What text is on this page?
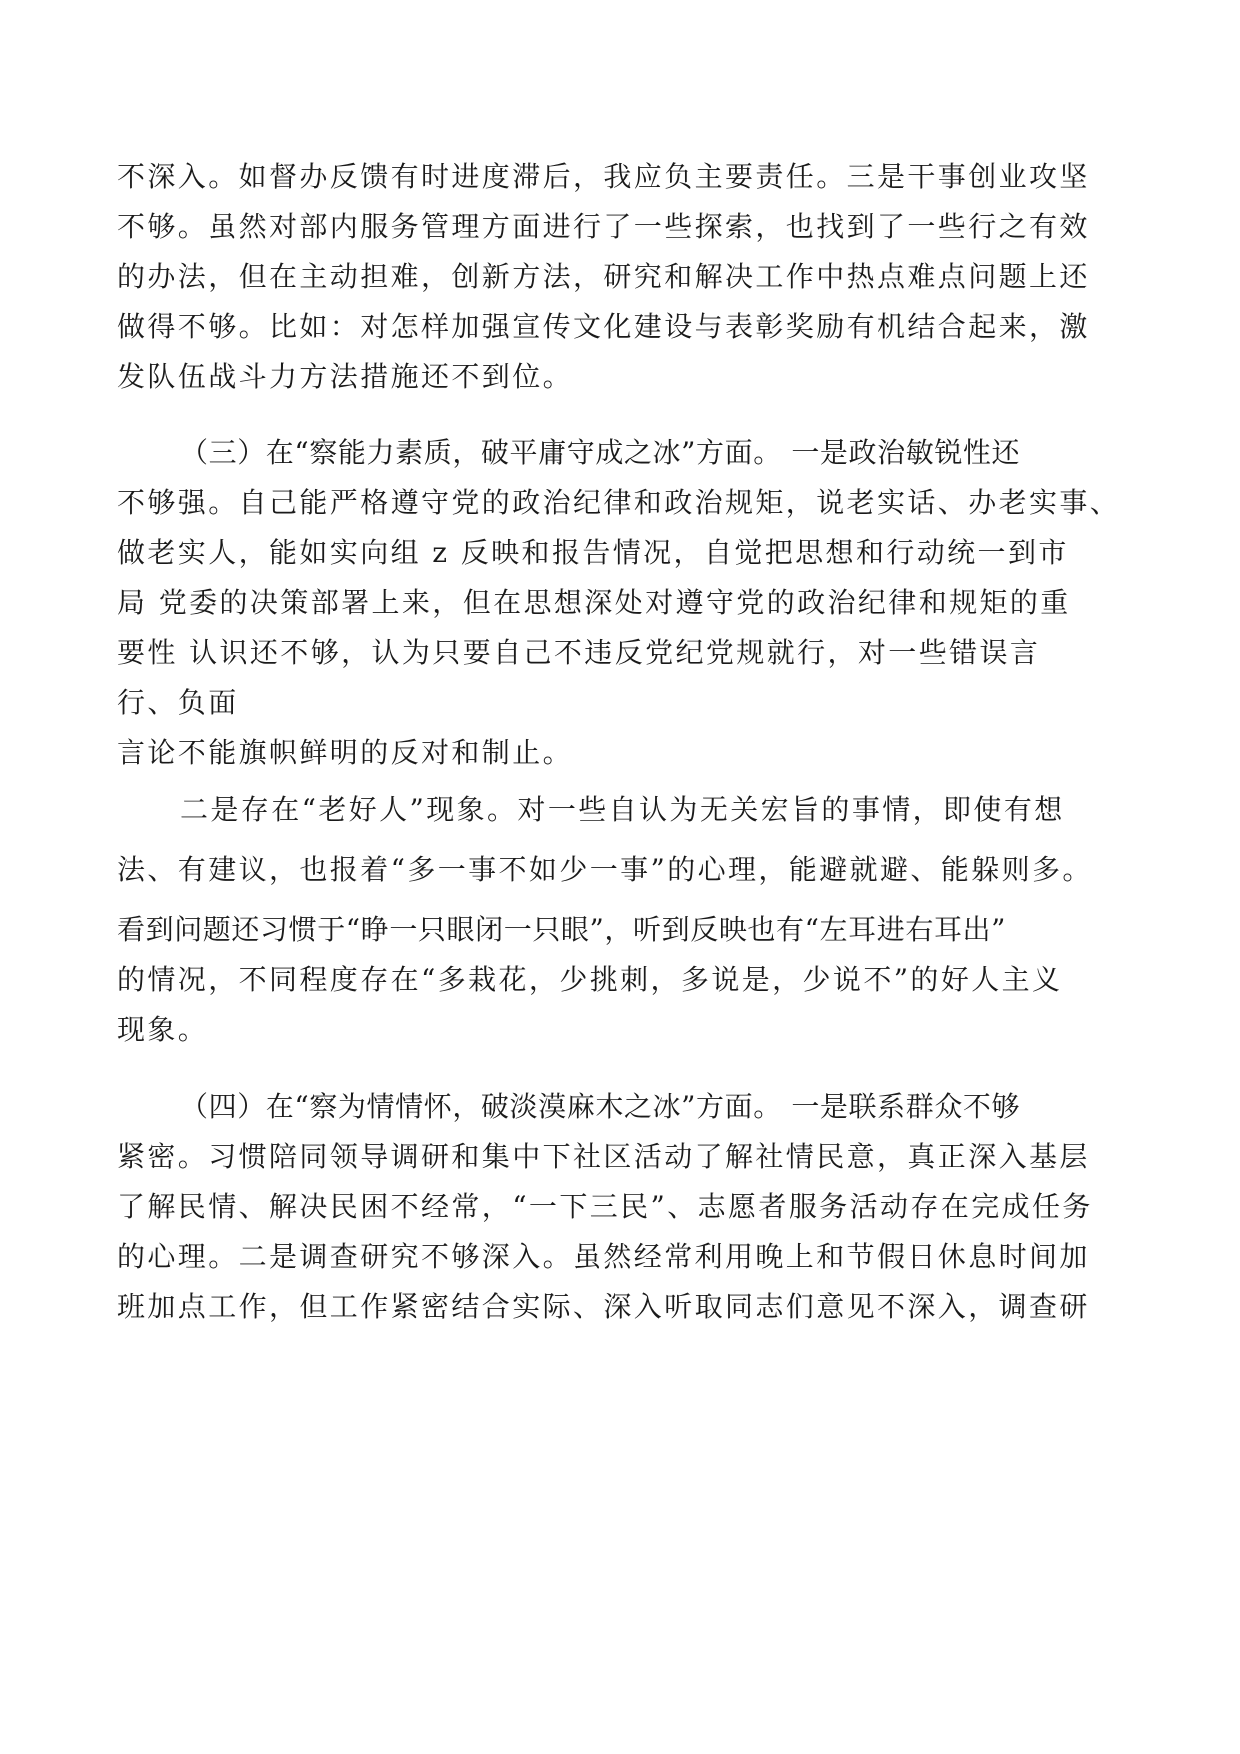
不深入。如督办反馈有时进度滞后，我应负主要责任。三是干事创业攻坚
不够。虽然对部内服务管理方面进行了一些探索，也找到了一些行之有效
的办法，但在主动担难，创新方法，研究和解决工作中热点难点问题上还
做得不够。比如：对怎样加强宣传文化建设与表彰奖励有机结合起来，激
发队伍战斗力方法措施还不到位。
（三）在“察能力素质，破平庸守成之冰”方面。 一是政治敏锐性还
不够强。自己能严格遵守党的政治纪律和政治规矩，说老实话、办老实事、
做老实人，能如实向组 z 反映和报告情况，自觉把思想和行动统一到市
局 党委的决策部署上来，但在思想深处对遵守党的政治纪律和规矩的重
要性 认识还不够，认为只要自己不违反党纪党规就行，对一些错误言
行、负面
言论不能旗帜鲜明的反对和制止。
二是存在“老好人”现象。对一些自认为无关宏旨的事情，即使有想
法、有建议，也报着“多一事不如少一事”的心理，能避就避、能躲则多。
看到问题还习惯于“睁一只眼闭一只眼”，听到反映也有“左耳进右耳出”
的情况，不同程度存在“多栽花，少挑刺，多说是，少说不”的好人主义
现象。
（四）在“察为情情怀，破淡漠麻木之冰”方面。 一是联系群众不够
紧密。习惯陪同领导调研和集中下社区活动了解社情民意，真正深入基层
了解民情、解决民困不经常，“一下三民”、志愿者服务活动存在完成任务
的心理。二是调查研究不够深入。虽然经常利用晚上和节假日休息时间加
班加点工作，但工作紧密结合实际、深入听取同志们意见不深入，调查研
